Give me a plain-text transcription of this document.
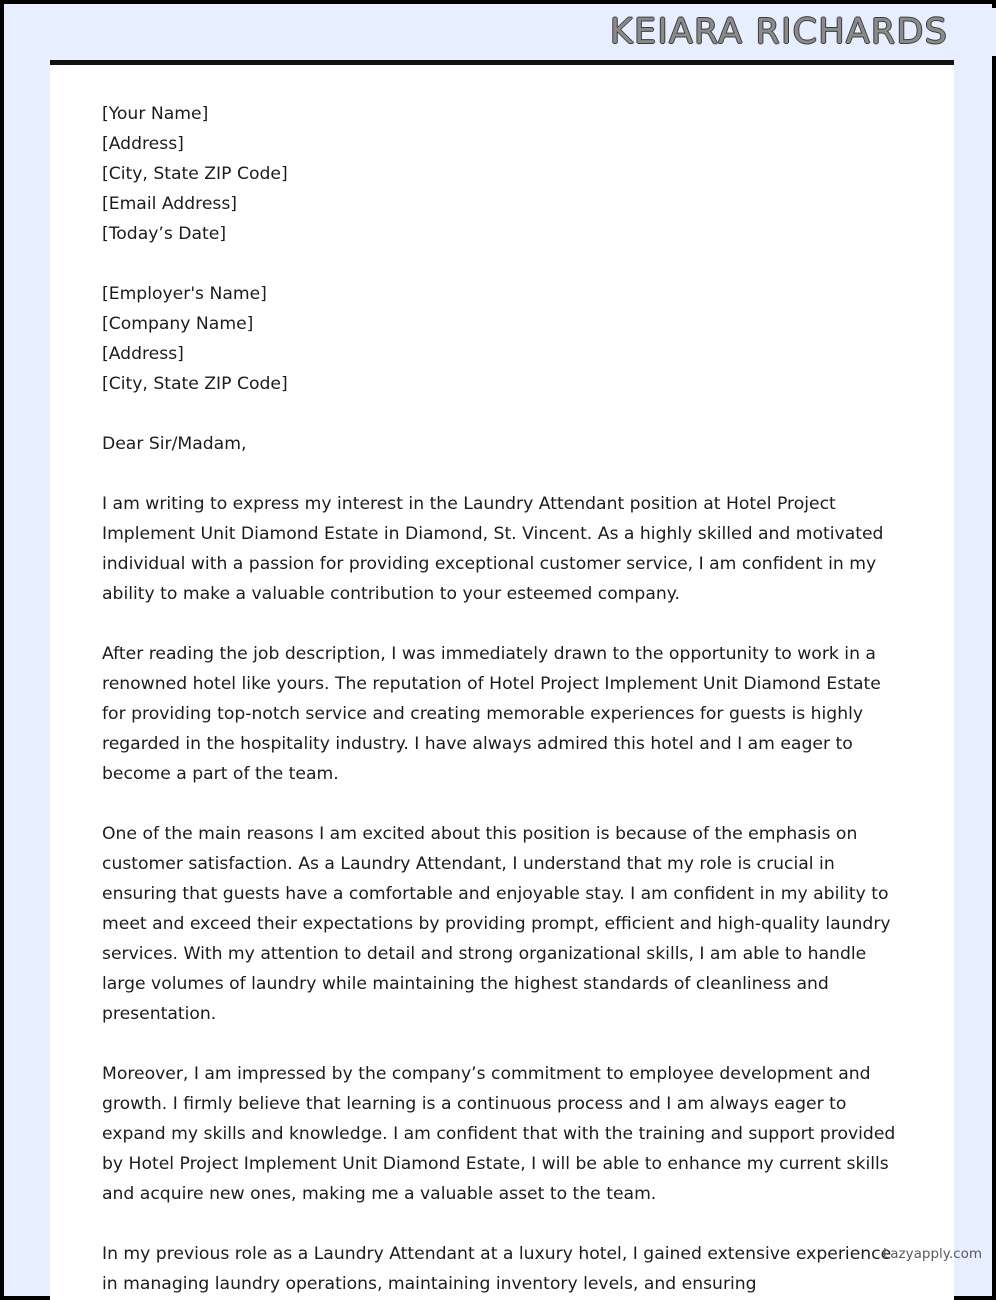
KEIARA RICHARDS
[Your Name]
[Address]
[City, State ZIP Code]
[Email Address]
[Today’s Date]
[Employer's Name]
[Company Name]
[Address]
[City, State ZIP Code]
Dear Sir/Madam,

I am writing to express my interest in the Laundry Attendant position at Hotel Project Implement Unit Diamond Estate in Diamond, St. Vincent. As a highly skilled and motivated individual with a passion for providing exceptional customer service, I am confident in my ability to make a valuable contribution to your esteemed company.

After reading the job description, I was immediately drawn to the opportunity to work in a renowned hotel like yours. The reputation of Hotel Project Implement Unit Diamond Estate for providing top-notch service and creating memorable experiences for guests is highly regarded in the hospitality industry. I have always admired this hotel and I am eager to become a part of the team.

One of the main reasons I am excited about this position is because of the emphasis on customer satisfaction. As a Laundry Attendant, I understand that my role is crucial in ensuring that guests have a comfortable and enjoyable stay. I am confident in my ability to meet and exceed their expectations by providing prompt, efficient and high-quality laundry services. With my attention to detail and strong organizational skills, I am able to handle large volumes of laundry while maintaining the highest standards of cleanliness and presentation.

Moreover, I am impressed by the company’s commitment to employee development and growth. I firmly believe that learning is a continuous process and I am always eager to expand my skills and knowledge. I am confident that with the training and support provided by Hotel Project Implement Unit Diamond Estate, I will be able to enhance my current skills and acquire new ones, making me a valuable asset to the team.

In my previous role as a Laundry Attendant at a luxury hotel, I gained extensive experience in managing laundry operations, maintaining inventory levels, and ensuring

Lazyapply.com
